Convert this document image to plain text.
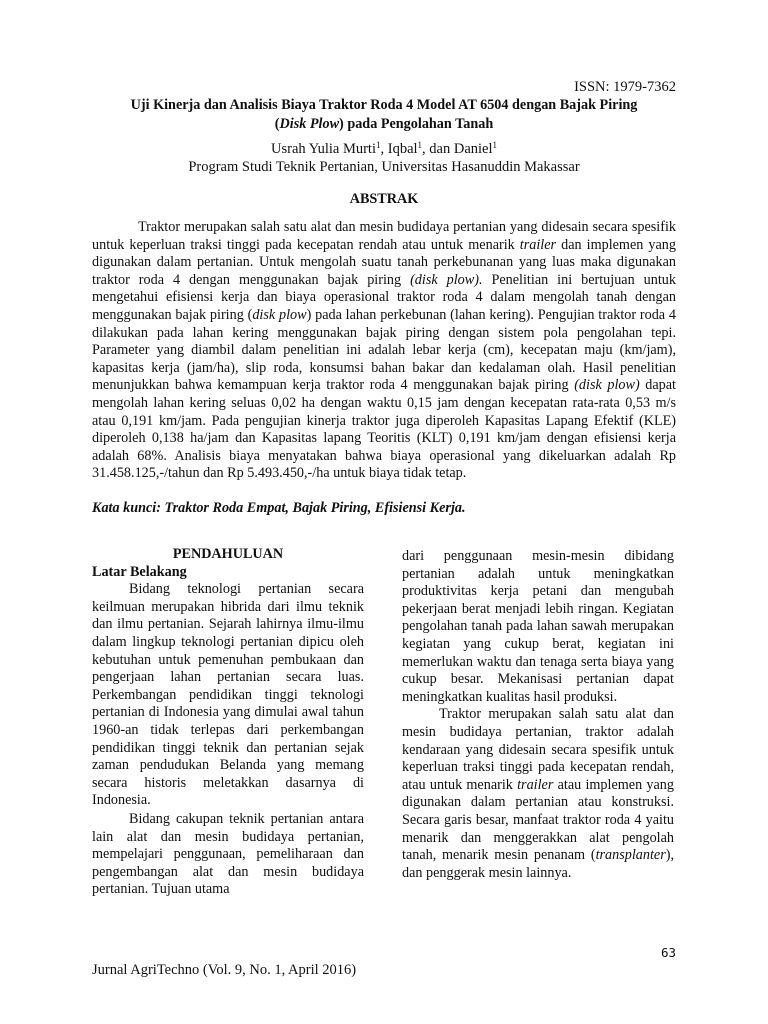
ISSN: 1979-7362
Uji Kinerja dan Analisis Biaya Traktor Roda 4 Model AT 6504 dengan Bajak Piring
(Disk Plow) pada Pengolahan Tanah
Usrah Yulia Murti$^1$, Iqbal$^1$, dan Daniel$^1$
Program Studi Teknik Pertanian, Universitas Hasanuddin Makassar
ABSTRAK

Traktor merupakan salah satu alat dan mesin budidaya pertanian yang didesain secara spesifik untuk keperluan traksi tinggi pada kecepatan rendah atau untuk menarik trailer dan implemen yang digunakan dalam pertanian. Untuk mengolah suatu tanah perkebunanan yang luas maka digunakan traktor roda 4 dengan menggunakan bajak piring (disk plow). Penelitian ini bertujuan untuk mengetahui efisiensi kerja dan biaya operasional traktor roda 4 dalam mengolah tanah dengan menggunakan bajak piring (disk plow) pada lahan perkebunan (lahan kering). Pengujian traktor roda 4 dilakukan pada lahan kering menggunakan bajak piring dengan sistem pola pengolahan tepi. Parameter yang diambil dalam penelitian ini adalah lebar kerja (cm), kecepatan maju (km/jam), kapasitas kerja (jam/ha), slip roda, konsumsi bahan bakar dan kedalaman olah. Hasil penelitian menunjukkan bahwa kemampuan kerja traktor roda 4 menggunakan bajak piring (disk plow) dapat mengolah lahan kering seluas 0,02 ha dengan waktu 0,15 jam dengan kecepatan rata-rata 0,53 m/s atau 0,191 km/jam. Pada pengujian kinerja traktor juga diperoleh Kapasitas Lapang Efektif (KLE) diperoleh 0,138 ha/jam dan Kapasitas lapang Teoritis (KLT) 0,191 km/jam dengan efisiensi kerja adalah 68%. Analisis biaya menyatakan bahwa biaya operasional yang dikeluarkan adalah Rp 31.458.125,-/tahun dan Rp 5.493.450,-/ha untuk biaya tidak tetap.

Kata kunci: Traktor Roda Empat, Bajak Piring, Efisiensi Kerja.

PENDAHULUAN

Latar Belakang

Bidang teknologi pertanian secara keilmuan merupakan hibrida dari ilmu teknik dan ilmu pertanian. Sejarah lahirnya ilmu-ilmu dalam lingkup teknologi pertanian dipicu oleh kebutuhan untuk pemenuhan pembukaan dan pengerjaan lahan pertanian secara luas. Perkembangan pendidikan tinggi teknologi pertanian di Indonesia yang dimulai awal tahun 1960-an tidak terlepas dari perkembangan pendidikan tinggi teknik dan pertanian sejak zaman pendudukan Belanda yang memang secara historis meletakkan dasarnya di Indonesia.

Bidang cakupan teknik pertanian antara lain alat dan mesin budidaya pertanian, mempelajari penggunaan, pemeliharaan dan pengembangan alat dan mesin budidaya pertanian. Tujuan utama

dari penggunaan mesin-mesin dibidang pertanian adalah untuk meningkatkan produktivitas kerja petani dan mengubah pekerjaan berat menjadi lebih ringan. Kegiatan pengolahan tanah pada lahan sawah merupakan kegiatan yang cukup berat, kegiatan ini memerlukan waktu dan tenaga serta biaya yang cukup besar. Mekanisasi pertanian dapat meningkatkan kualitas hasil produksi.

Traktor merupakan salah satu alat dan mesin budidaya pertanian, traktor adalah kendaraan yang didesain secara spesifik untuk keperluan traksi tinggi pada kecepatan rendah, atau untuk menarik trailer atau implemen yang digunakan dalam pertanian atau konstruksi. Secara garis besar, manfaat traktor roda 4 yaitu menarik dan menggerakkan alat pengolah tanah, menarik mesin penanam (transplanter), dan penggerak mesin lainnya.

63
Jurnal AgriTechno (Vol. 9, No. 1, April 2016)
